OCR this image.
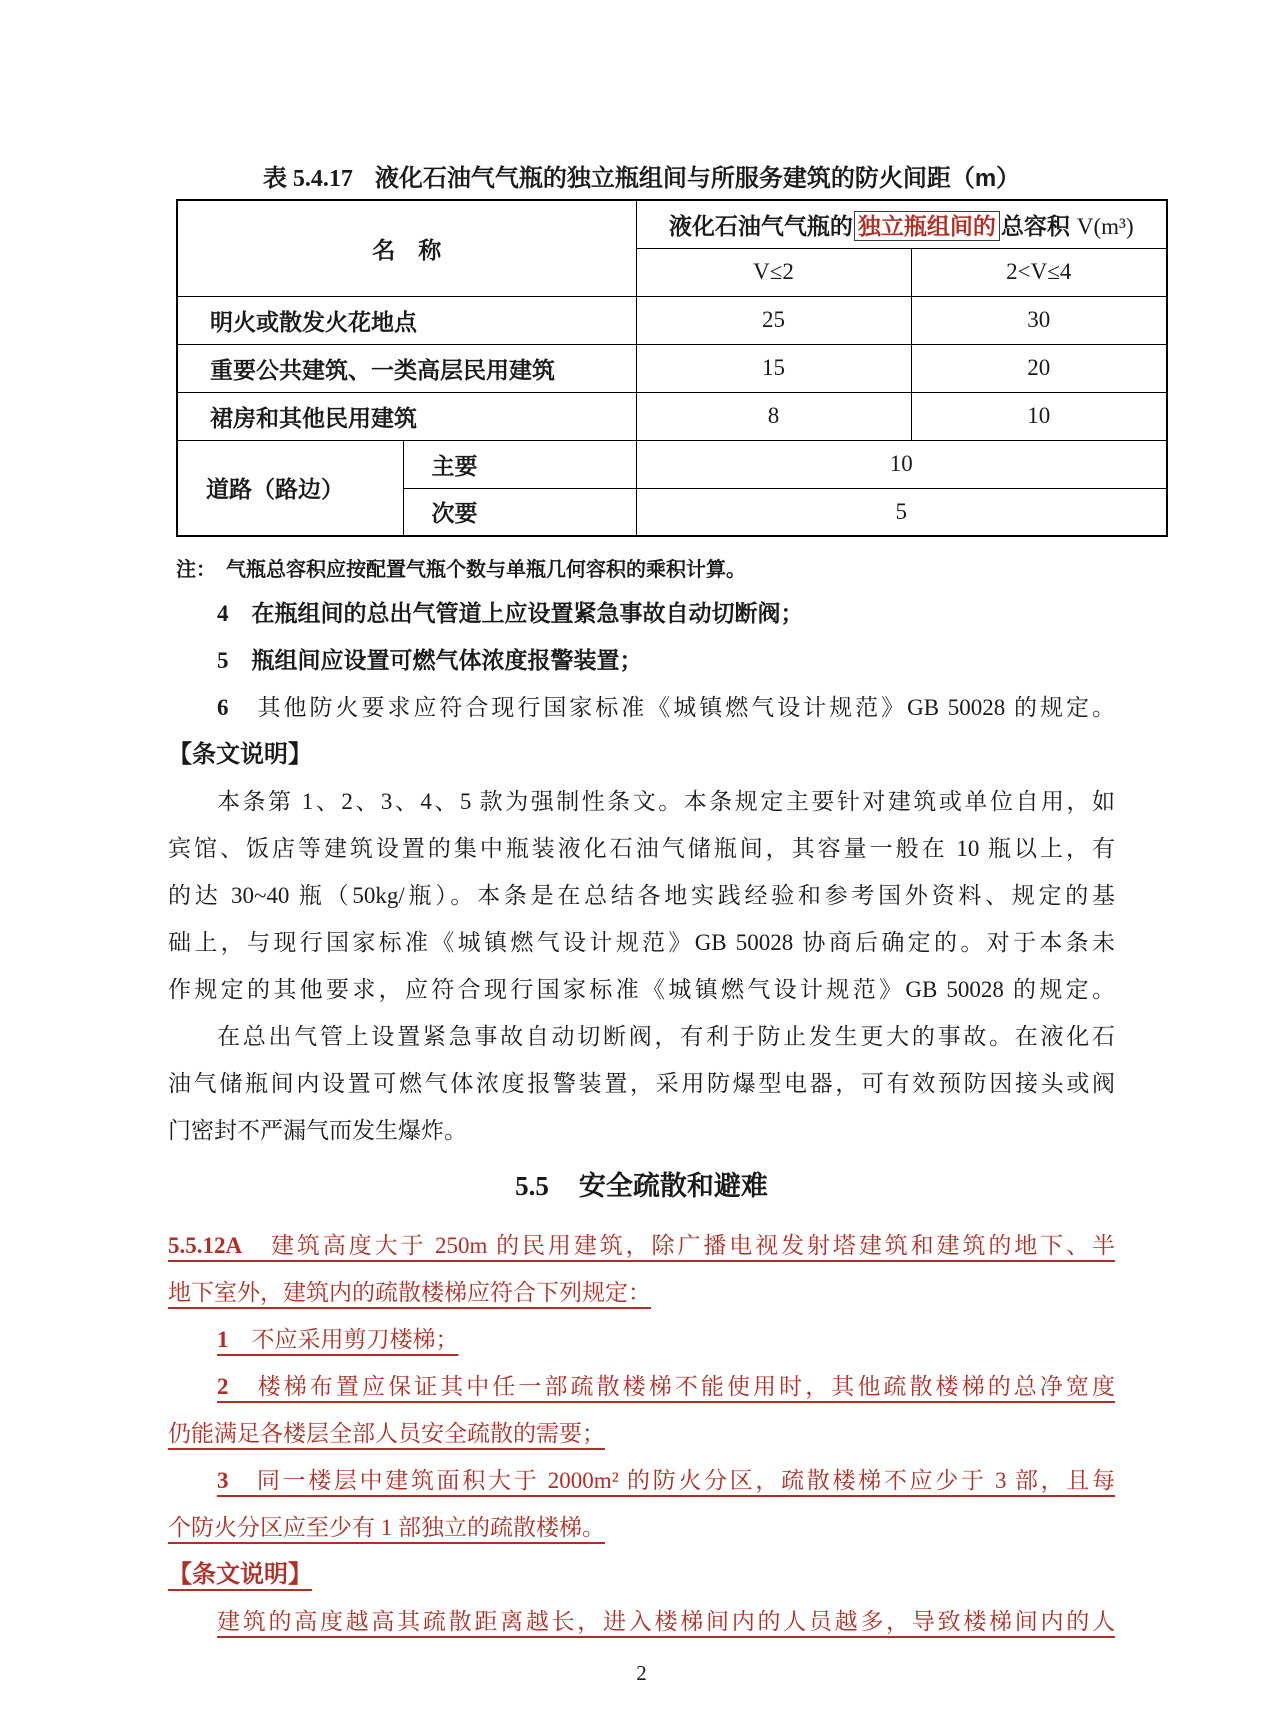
表 5.4.17 液化石油气气瓶的独立瓶组间与所服务建筑的防火间距（m）
名　称		液化石油气气瓶的 独立瓶组间的 总容积 V(m³)	
		V≤2	2<V≤4
明火或散发火花地点		25	30
重要公共建筑、一类高层民用建筑		15	20
裙房和其他民用建筑		8	10
道路（路边）	主要	10	
	次要	5	
注：　气瓶总容积应按配置气瓶个数与单瓶几何容积的乘积计算。
4　在瓶组间的总出气管道上应设置紧急事故自动切断阀；
5　瓶组间应设置可燃气体浓度报警装置；
6　其他防火要求应符合现行国家标准《城镇燃气设计规范》GB 50028 的规定。
【条文说明】
本条第 1、2、3、4、5 款为强制性条文。本条规定主要针对建筑或单位自用，如
宾馆、饭店等建筑设置的集中瓶装液化石油气储瓶间，其容量一般在 10 瓶以上，有
的达 30~40 瓶（50kg/瓶）。本条是在总结各地实践经验和参考国外资料、规定的基
础上，与现行国家标准《城镇燃气设计规范》GB 50028 协商后确定的。对于本条未
作规定的其他要求，应符合现行国家标准《城镇燃气设计规范》GB 50028 的规定。
在总出气管上设置紧急事故自动切断阀，有利于防止发生更大的事故。在液化石
油气储瓶间内设置可燃气体浓度报警装置，采用防爆型电器，可有效预防因接头或阀
门密封不严漏气而发生爆炸。
5.5 安全疏散和避难
5.5.12A　建筑高度大于 250m 的民用建筑，除广播电视发射塔建筑和建筑的地下、半
地下室外，建筑内的疏散楼梯应符合下列规定：
1　不应采用剪刀楼梯；
2　楼梯布置应保证其中任一部疏散楼梯不能使用时，其他疏散楼梯的总净宽度
仍能满足各楼层全部人员安全疏散的需要；
3　同一楼层中建筑面积大于 2000m² 的防火分区，疏散楼梯不应少于 3 部，且每
个防火分区应至少有 1 部独立的疏散楼梯。
【条文说明】
建筑的高度越高其疏散距离越长，进入楼梯间内的人员越多，导致楼梯间内的人
2
